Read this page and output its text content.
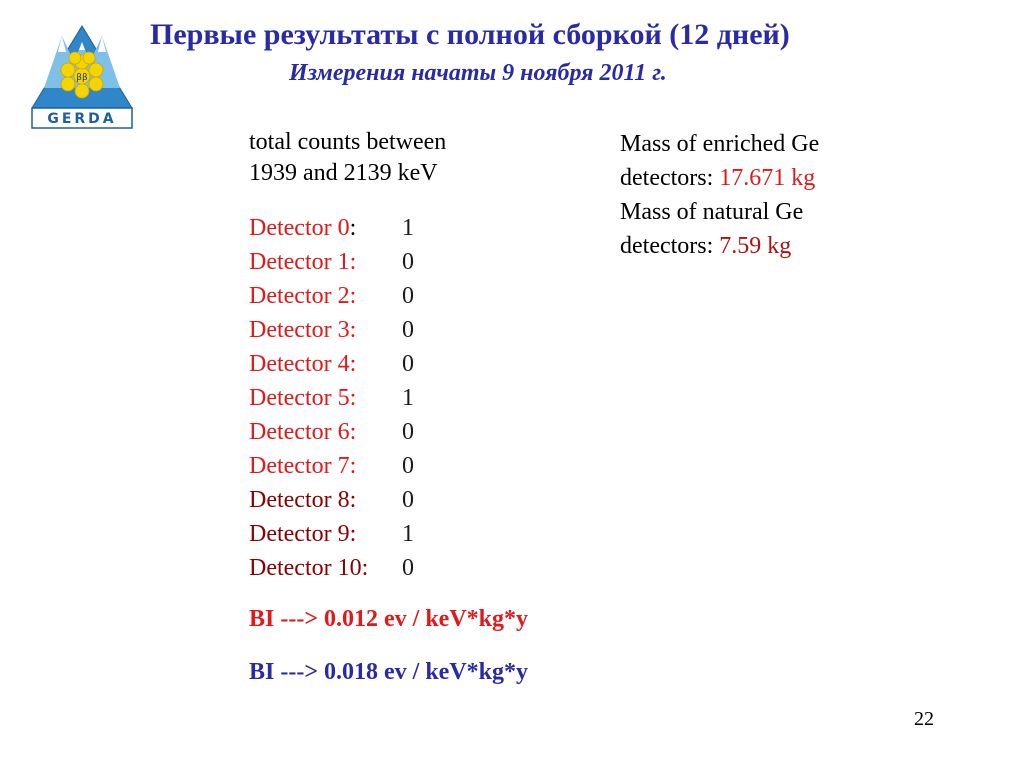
ββ
GERDA
Первые результаты с полной сборкой (12 дней)
Измерения начаты 9 ноября 2011 г.
total counts between
1939 and 2139 keV
Detector 0: 1
Detector 1: 0
Detector 2: 0
Detector 3: 0
Detector 4: 0
Detector 5: 1
Detector 6: 0
Detector 7: 0
Detector 8: 0
Detector 9: 1
Detector 10: 0
BI ---> 0.012 ev / keV*kg*y
BI ---> 0.018 ev / keV*kg*y
Mass of enriched Ge
detectors: 17.671 kg
Mass of natural Ge
detectors: 7.59 kg
22
